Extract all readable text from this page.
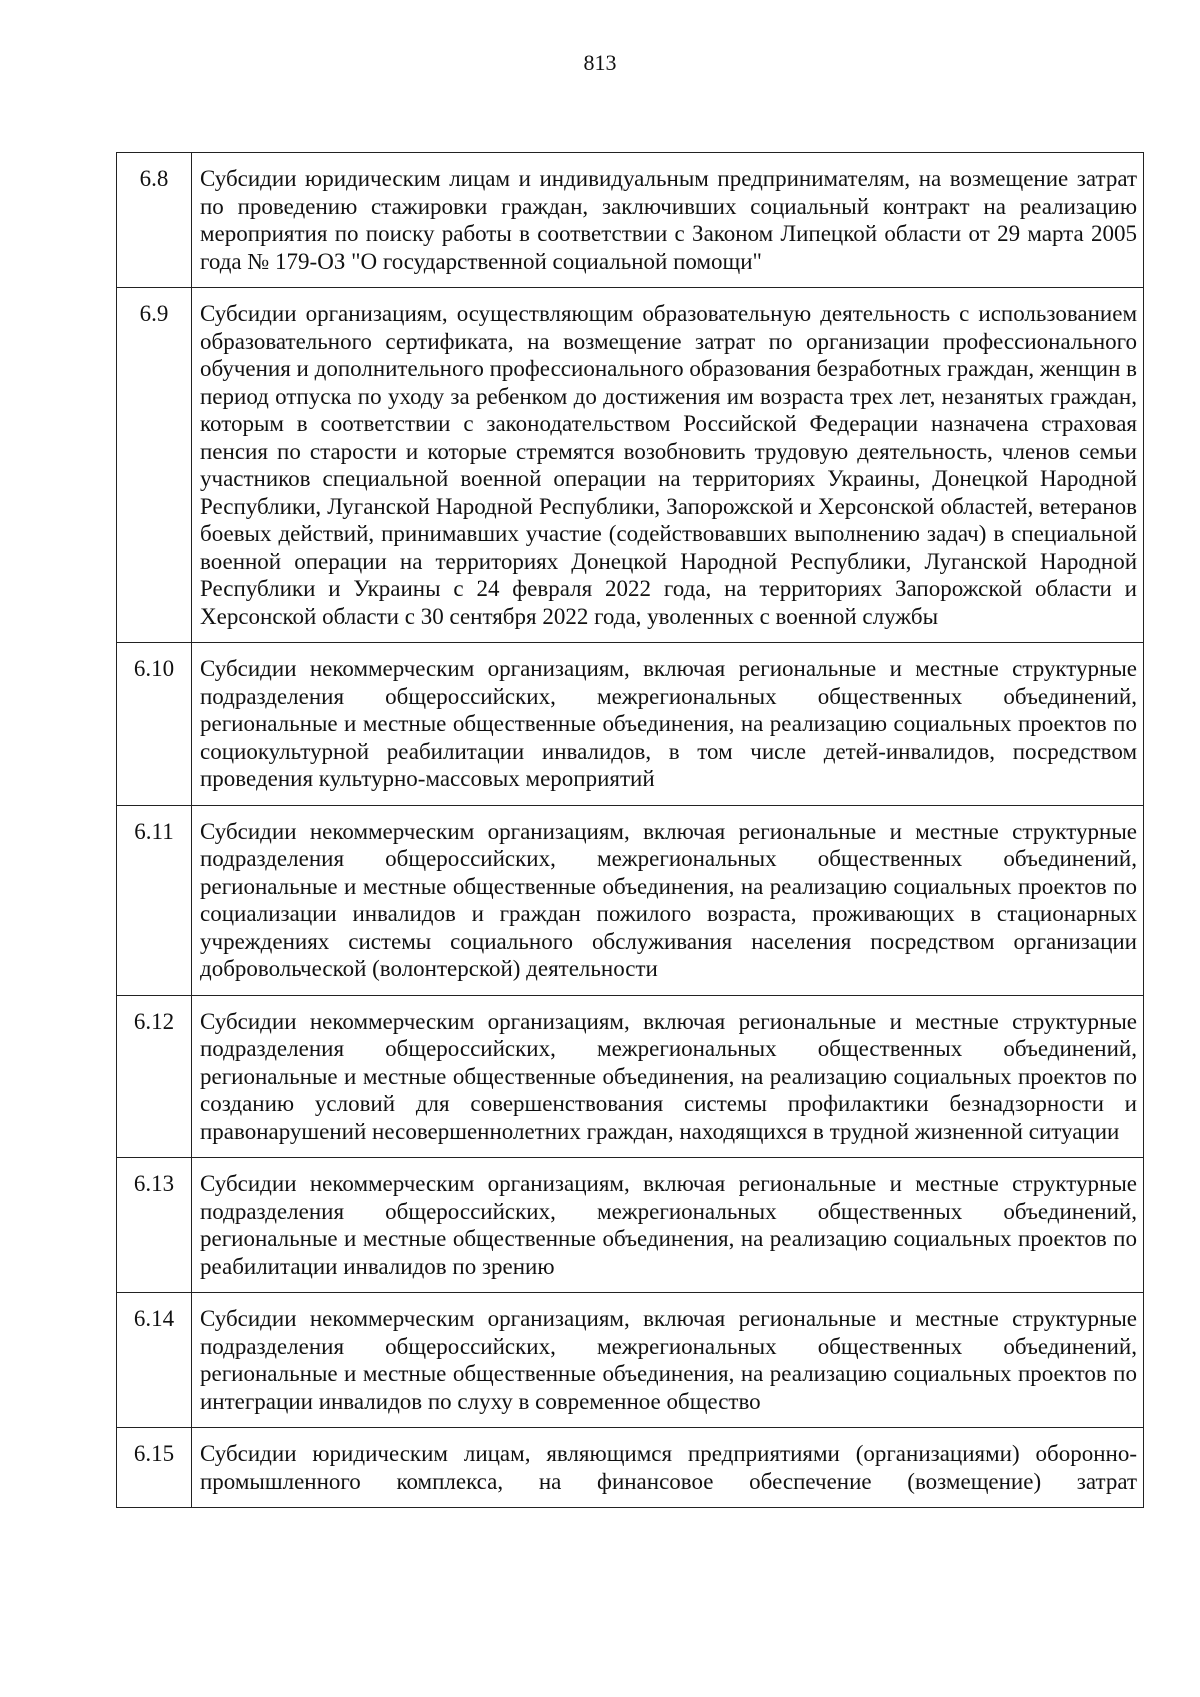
813
6.8	Субсидии юридическим лицам и индивидуальным предпринимателям, на возмещение затрат по проведению стажировки граждан, заключивших социальный контракт на реализацию мероприятия по поиску работы в соответствии с Законом Липецкой области от 29 марта 2005 года № 179-ОЗ "О государственной социальной помощи"
6.9	Субсидии организациям, осуществляющим образовательную деятельность с использованием образовательного сертификата, на возмещение затрат по организации профессионального обучения и дополнительного профессионального образования безработных граждан, женщин в период отпуска по уходу за ребенком до достижения им возраста трех лет, незанятых граждан, которым в соответствии с законодательством Российской Федерации назначена страховая пенсия по старости и которые стремятся возобновить трудовую деятельность, членов семьи участников специальной военной операции на территориях Украины, Донецкой Народной Республики, Луганской Народной Республики, Запорожской и Херсонской областей, ветеранов боевых действий, принимавших участие (содействовавших выполнению задач) в специальной военной операции на территориях Донецкой Народной Республики, Луганской Народной Республики и Украины с 24 февраля 2022 года, на территориях Запорожской области и Херсонской области с 30 сентября 2022 года, уволенных с военной службы
6.10	Субсидии некоммерческим организациям, включая региональные и местные структурные подразделения общероссийских, межрегиональных общественных объединений, региональные и местные общественные объединения, на реализацию социальных проектов по социокультурной реабилитации инвалидов, в том числе детей-инвалидов, посредством проведения культурно-массовых мероприятий
6.11	Субсидии некоммерческим организациям, включая региональные и местные структурные подразделения общероссийских, межрегиональных общественных объединений, региональные и местные общественные объединения, на реализацию социальных проектов по социализации инвалидов и граждан пожилого возраста, проживающих в стационарных учреждениях системы социального обслуживания населения посредством организации добровольческой (волонтерской) деятельности
6.12	Субсидии некоммерческим организациям, включая региональные и местные структурные подразделения общероссийских, межрегиональных общественных объединений, региональные и местные общественные объединения, на реализацию социальных проектов по созданию условий для совершенствования системы профилактики безнадзорности и правонарушений несовершеннолетних граждан, находящихся в трудной жизненной ситуации
6.13	Субсидии некоммерческим организациям, включая региональные и местные структурные подразделения общероссийских, межрегиональных общественных объединений, региональные и местные общественные объединения, на реализацию социальных проектов по реабилитации инвалидов по зрению
6.14	Субсидии некоммерческим организациям, включая региональные и местные структурные подразделения общероссийских, межрегиональных общественных объединений, региональные и местные общественные объединения, на реализацию социальных проектов по интеграции инвалидов по слуху в современное общество
6.15	Субсидии юридическим лицам, являющимся предприятиями (организациями) оборонно-промышленного комплекса, на финансовое обеспечение (возмещение) затрат
